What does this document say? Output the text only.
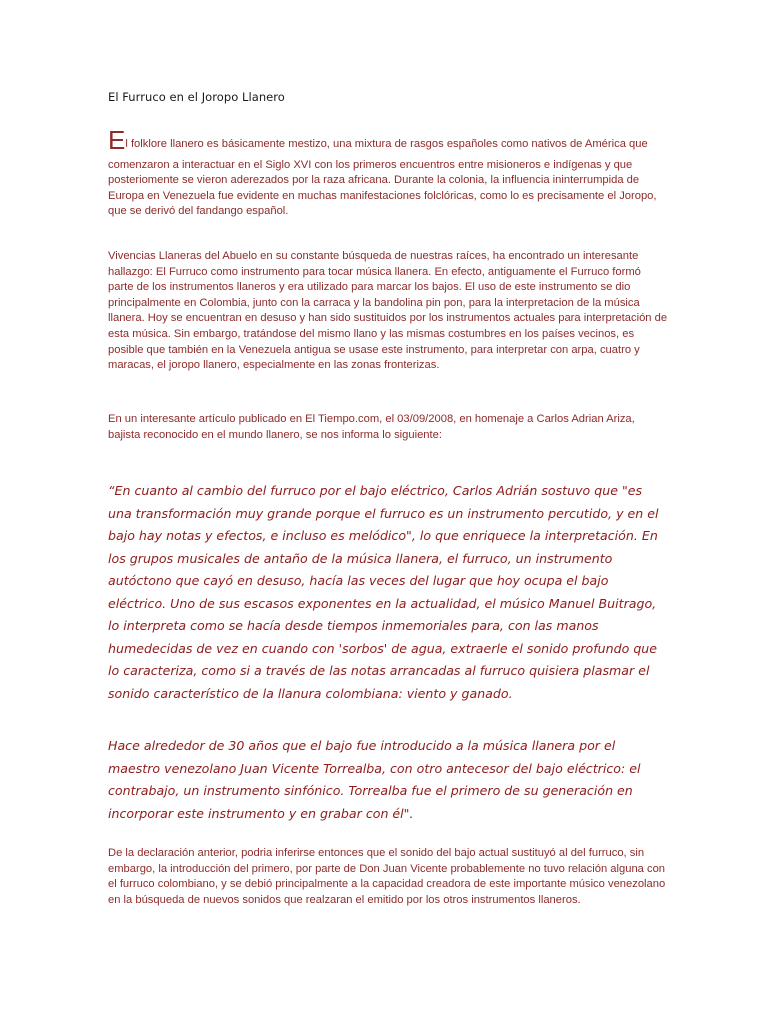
El Furruco en el Joropo Llanero

El folklore llanero es básicamente mestizo, una mixtura de rasgos españoles como nativos de América que
comenzaron a interactuar en el Siglo XVI con los primeros encuentros entre misioneros e indígenas y que posteriomente se vieron aderezados por la raza africana. Durante la colonia, la influencia ininterrumpida de Europa en Venezuela fue evidente en muchas manifestaciones folclóricas, como lo es precisamente el Joropo, que se derivó del fandango español.

Vivencias Llaneras del Abuelo en su constante búsqueda de nuestras raíces, ha encontrado un interesante hallazgo: El Furruco como instrumento para tocar música llanera. En efecto, antiguamente el Furruco formó parte de los instrumentos llaneros y era utilizado para marcar los bajos. El uso de este instrumento se dio principalmente en Colombia, junto con la carraca y la bandolina pin pon, para la interpretacion de la música llanera. Hoy se encuentran en desuso y han sido sustituidos por los instrumentos actuales para interpretación de esta música. Sin embargo, tratándose del mismo llano y las mismas costumbres en los países vecinos, es posible que también en la Venezuela antigua se usase este instrumento, para interpretar con arpa, cuatro y maracas, el joropo llanero, especialmente en las zonas fronterizas.

En un interesante artículo publicado en El Tiempo.com, el 03/09/2008, en homenaje a Carlos Adrian Ariza, bajista reconocido en el mundo llanero, se nos informa lo siguiente:

“En cuanto al cambio del furruco por el bajo eléctrico, Carlos Adrián sostuvo que "es una transformación muy grande porque el furruco es un instrumento percutido, y en el bajo hay notas y efectos, e incluso es melódico", lo que enriquece la interpretación. En los grupos musicales de antaño de la música llanera, el furruco, un instrumento autóctono que cayó en desuso, hacía las veces del lugar que hoy ocupa el bajo eléctrico. Uno de sus escasos exponentes en la actualidad, el músico Manuel Buitrago, lo interpreta como se hacía desde tiempos inmemoriales para, con las manos humedecidas de vez en cuando con 'sorbos' de agua, extraerle el sonido profundo que lo caracteriza, como si a través de las notas arrancadas al furruco quisiera plasmar el sonido característico de la llanura colombiana: viento y ganado.

Hace alrededor de 30 años que el bajo fue introducido a la música llanera por el maestro venezolano Juan Vicente Torrealba, con otro antecesor del bajo eléctrico: el contrabajo, un instrumento sinfónico. Torrealba fue el primero de su generación en incorporar este instrumento y en grabar con él".

De la declaración anterior, podria inferirse entonces que el sonido del bajo actual sustituyó al del furruco, sin embargo, la introducción del primero, por parte de Don Juan Vicente probablemente no tuvo relación alguna con el furruco colombiano, y se debió principalmente a la capacidad creadora de este importante músico venezolano en la búsqueda de nuevos sonidos que realzaran el emitido por los otros instrumentos llaneros.
